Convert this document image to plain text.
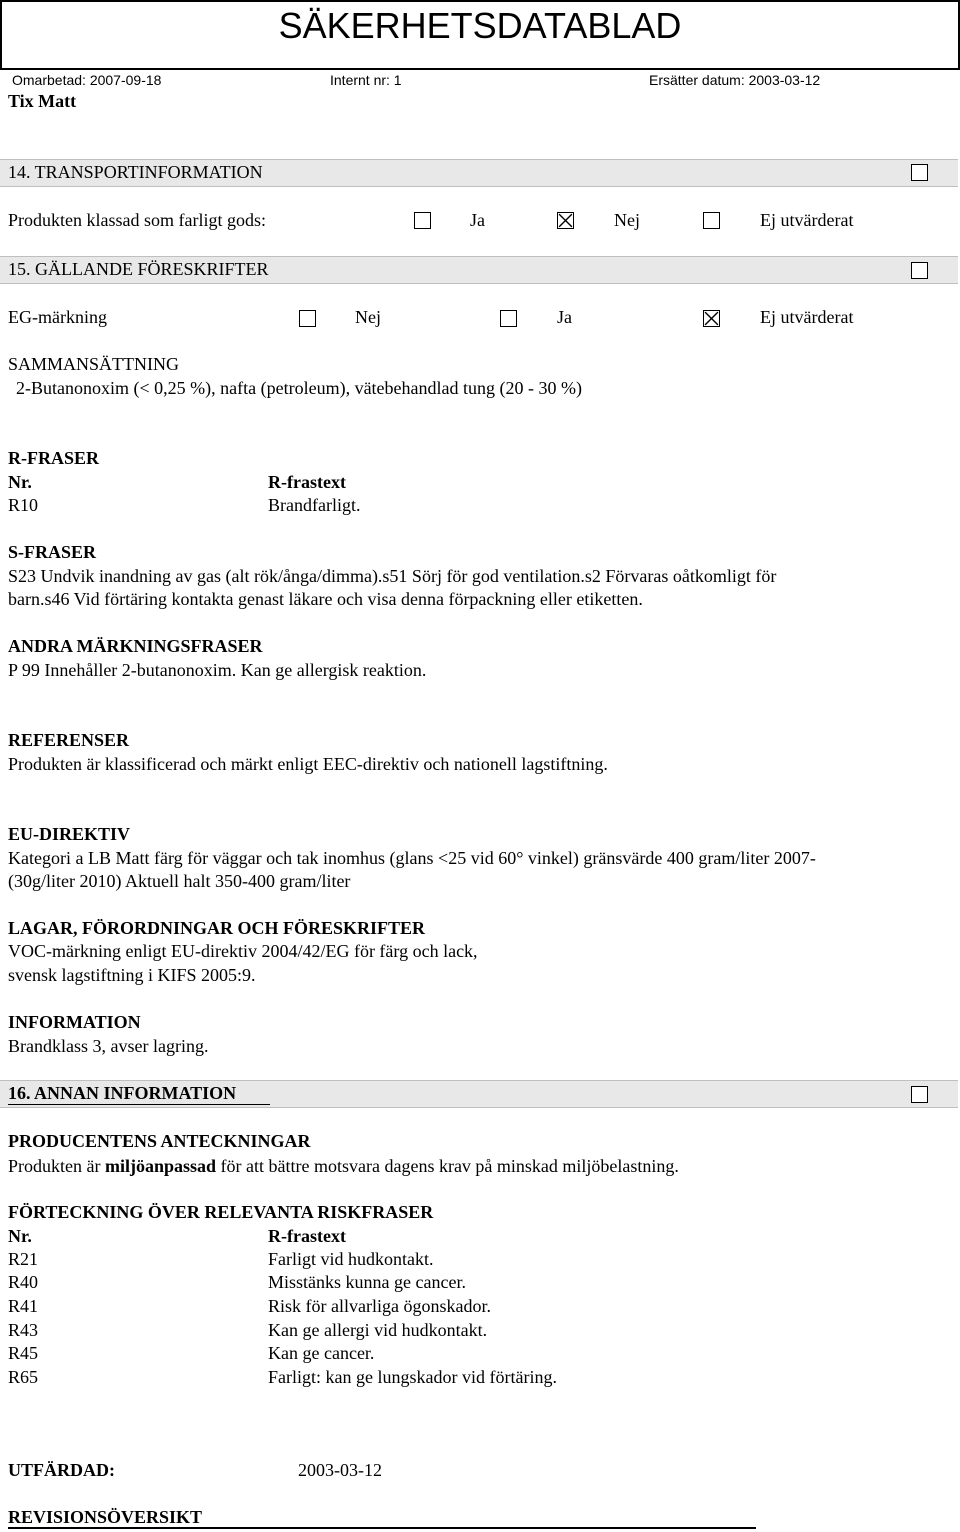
SÄKERHETSDATABLAD
Omarbetad: 2007-09-18	Internt nr: 1	Ersätter datum: 2003-03-12
Tix Matt
14. TRANSPORTINFORMATION
Produkten klassad som farligt gods:	Ja	Nej	Ej utvärderat
15. GÄLLANDE FÖRESKRIFTER
EG-märkning	Nej	Ja	Ej utvärderat
SAMMANSÄTTNING
2-Butanonoxim (< 0,25 %), nafta (petroleum), vätebehandlad tung (20 - 30 %)
R-FRASER
Nr.	R-frastext
R10	Brandfarligt.
S-FRASER
S23 Undvik inandning av gas (alt rök/ånga/dimma).s51 Sörj för god ventilation.s2 Förvaras oåtkomligt för
barn.s46 Vid förtäring kontakta genast läkare och visa denna förpackning eller etiketten.
ANDRA MÄRKNINGSFRASER
P 99 Innehåller 2-butanonoxim. Kan ge allergisk reaktion.
REFERENSER
Produkten är klassificerad och märkt enligt EEC-direktiv och nationell lagstiftning.
EU-DIREKTIV
Kategori a LB Matt färg för väggar och tak inomhus (glans <25 vid 60° vinkel) gränsvärde 400 gram/liter 2007-
(30g/liter 2010) Aktuell halt 350-400 gram/liter
LAGAR, FÖRORDNINGAR OCH FÖRESKRIFTER
VOC-märkning enligt EU-direktiv 2004/42/EG för färg och lack,
svensk lagstiftning i KIFS 2005:9.
INFORMATION
Brandklass 3, avser lagring.
16. ANNAN INFORMATION
PRODUCENTENS ANTECKNINGAR
Produkten är miljöanpassad för att bättre motsvara dagens krav på minskad miljöbelastning.
FÖRTECKNING ÖVER RELEVANTA RISKFRASER
Nr.	R-frastext
R21	Farligt vid hudkontakt.
R40	Misstänks kunna ge cancer.
R41	Risk för allvarliga ögonskador.
R43	Kan ge allergi vid hudkontakt.
R45	Kan ge cancer.
R65	Farligt: kan ge lungskador vid förtäring.
UTFÄRDAD:	2003-03-12
REVISIONSÖVERSIKT
